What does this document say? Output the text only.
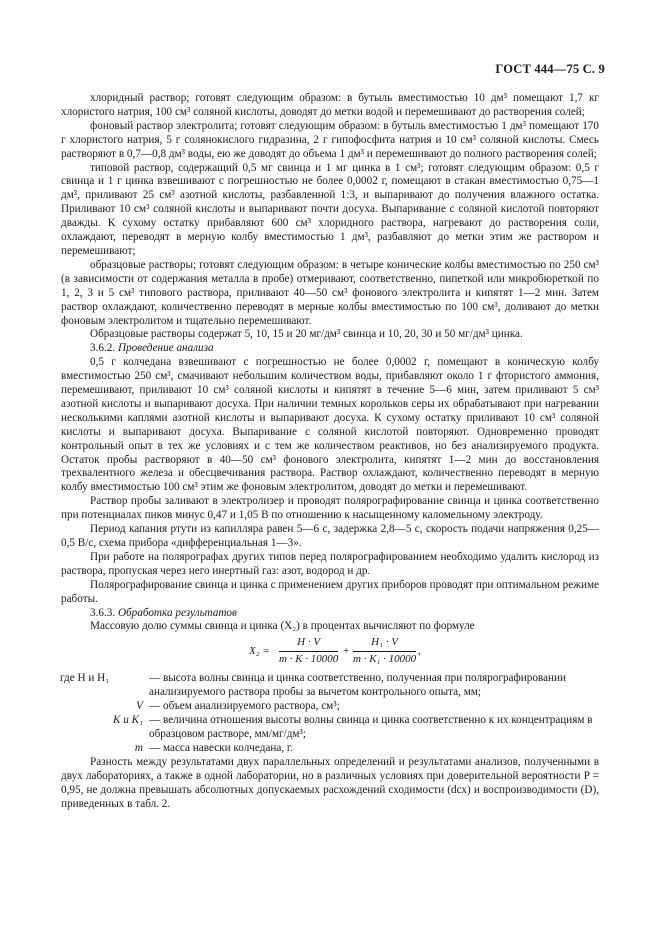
ГОСТ 444—75 С. 9

хлоридный раствор; готовят следующим образом: в бутыль вместимостью 10 дм³ помещают 1,7 кг хлористого натрия, 100 см³ соляной кислоты, доводят до метки водой и перемешивают до растворения солей;

фоновый раствор электролита; готовят следующим образом: в бутыль вместимостью 1 дм³ помещают 170 г хлористого натрия, 5 г солянокислого гидразина, 2 г гипофосфита натрия и 10 см³ соляной кислоты. Смесь растворяют в 0,7—0,8 дм³ воды, ею же доводят до объема 1 дм³ и перемешивают до полного растворения солей;

типовой раствор, содержащий 0,5 мг свинца и 1 мг цинка в 1 см³; готовят следующим образом: 0,5 г свинца и 1 г цинка взвешивают с погрешностью не более 0,0002 г, помещают в стакан вместимостью 0,75—1 дм³, приливают 25 см³ азотной кислоты, разбавленной 1:3, и выпаривают до получения влажного остатка. Приливают 10 см³ соляной кислоты и выпаривают почти досуха. Выпаривание с соляной кислотой повторяют дважды. К сухому остатку прибавляют 600 см³ хлоридного раствора, нагревают до растворения соли, охлаждают, переводят в мерную колбу вместимостью 1 дм³, разбавляют до метки этим же раствором и перемешивают;

образцовые растворы; готовят следующим образом: в четыре конические колбы вместимостью по 250 см³ (в зависимости от содержания металла в пробе) отмеривают, соответственно, пипеткой или микробюреткой по 1, 2, 3 и 5 см³ типового раствора, приливают 40—50 см³ фонового электролита и кипятят 1—2 мин. Затем раствор охлаждают, количественно переводят в мерные колбы вместимостью по 100 см³, доливают до метки фоновым электролитом и тщательно перемешивают.

Образцовые растворы содержат 5, 10, 15 и 20 мг/дм³ свинца и 10, 20, 30 и 50 мг/дм³ цинка.

3.6.2. Проведение анализа

0,5 г колчедана взвешивают с погрешностью не более 0,0002 г, помещают в коническую колбу вместимостью 250 см³, смачивают небольшим количеством воды, прибавляют около 1 г фтористого аммония, перемешивают, приливают 10 см³ соляной кислоты и кипятят в течение 5—6 мин, затем приливают 5 см³ азотной кислоты и выпаривают досуха. При наличии темных корольков серы их обрабатывают при нагревании несколькими каплями азотной кислоты и выпаривают досуха. К сухому остатку приливают 10 см³ соляной кислоты и выпаривают досуха. Выпаривание с соляной кислотой повторяют. Одновременно проводят контрольный опыт в тех же условиях и с тем же количеством реактивов, но без анализируемого продукта. Остаток пробы растворяют в 40—50 см³ фонового электролита, кипятят 1—2 мин до восстановления трехвалентного железа и обесцвечивания раствора. Раствор охлаждают, количественно переводят в мерную колбу вместимостью 100 см³ этим же фоновым электролитом, доводят до метки и перемешивают.

Раствор пробы заливают в электролизер и проводят полярографирование свинца и цинка соответственно при потенциалах пиков минус 0,47 и 1,05 В по отношению к насыщенному каломельному электроду.

Период капания ртути из капилляра равен 5—6 с, задержка 2,8—5 с, скорость подачи напряжения 0,25—0,5 В/с, схема прибора «дифференциальная 1—3».

При работе на полярографах других типов перед полярографированием необходимо удалить кислород из раствора, пропуская через него инертный газ: азот, водород и др.

Полярографирование свинца и цинка с применением других приборов проводят при оптимальном режиме работы.

3.6.3. Обработка результатов

Массовую долю суммы свинца и цинка (X₂) в процентах вычисляют по формуле

$X_2 = \frac{H \cdot V}{m \cdot K \cdot 10000} + \frac{\text{H₁ · V}}{\text{m · K₁ · 10000}}$ ,
где H и H₁	— высота волны свинца и цинка соответственно, полученная при полярографировании анализируемого раствора пробы за вычетом контрольного опыта, мм;
V — объем анализируемого раствора, см³;
K и K₁ — величина отношения высоты волны свинца и цинка соответственно к их концентрациям в образцовом растворе, мм/мг/дм³;
m — масса навески колчедана, г.

Разность между результатами двух параллельных определений и результатами анализов, полученными в двух лабораториях, а также в одной лаборатории, но в различных условиях при доверительной вероятности P = 0,95, не должна превышать абсолютных допускаемых расхождений сходимости (dсх) и воспроизводимости (D), приведенных в табл. 2.
